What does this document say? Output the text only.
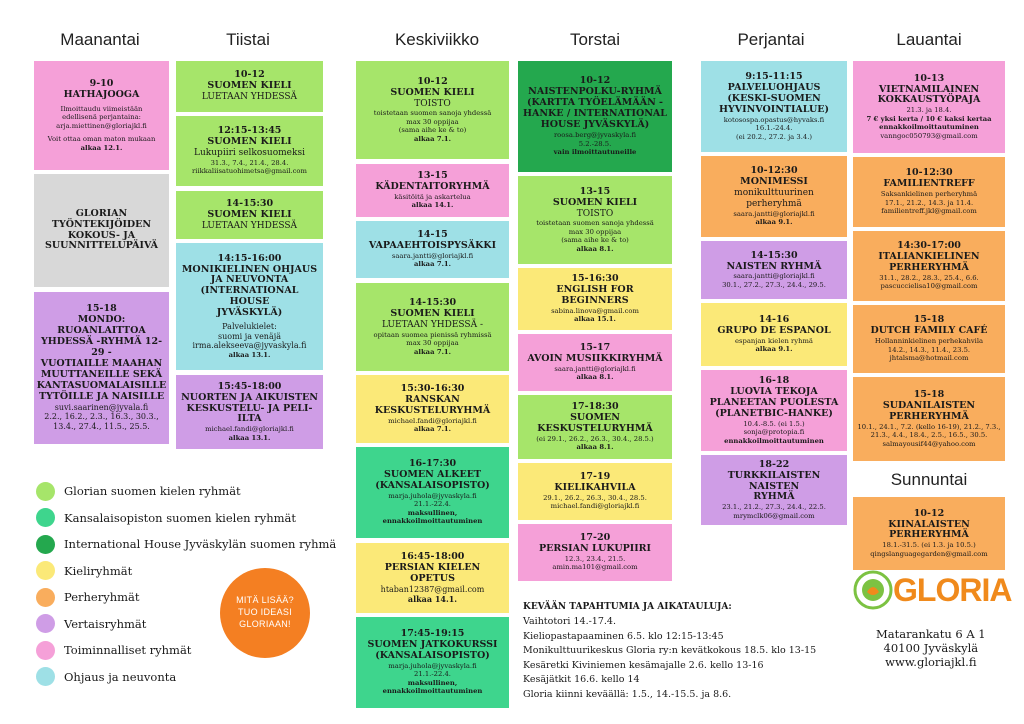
Maanantai	Tiistai	Keskiviikko	Torstai	Perjantai	Lauantai
Sunnuntai
9-10
HATHAJOOGA
Ilmoittaudu viimeistään
edellisenä perjantaina:
arja.miettinen@gloriajkl.fi
Voit ottaa oman maton mukaan
alkaa 12.1.
GLORIAN
TYÖNTEKIJÖIDEN
KOKOUS- JA
SUUNNITTELUPÄIVÄ
15-18
MONDO: RUOANLAITTOA
YHDESSÄ -RYHMÄ 12-29 -
VUOTIAILLE MAAHAN
MUUTTANEILLE SEKÄ
KANTASUOMALAISILLE
TYTÖILLE JA NAISILLE
suvi.saarinen@jyvala.fi
2.2., 16.2., 2.3., 16.3., 30.3.,
13.4., 27.4., 11.5., 25.5.
10-12
SUOMEN KIELI
LUETAAN YHDESSÄ
12:15-13:45
SUOMEN KIELI
Lukupiiri selkosuomeksi
31.3., 7.4., 21.4., 28.4.
riikkaliisatuohimetsa@gmail.com
14-15:30
SUOMEN KIELI
LUETAAN YHDESSÄ
14:15-16:00
MONIKIELINEN OHJAUS
JA NEUVONTA
(INTERNATIONAL HOUSE
JYVÄSKYLÄ)
Palvelukielet:
suomi ja venäjä
irma.alekseeva@jyvaskyla.fi
alkaa 13.1.
15:45-18:00
NUORTEN JA AIKUISTEN
KESKUSTELU- JA PELI-ILTA
michael.fandi@gloriajkl.fi
alkaa 13.1.
10-12
SUOMEN KIELI
TOISTO
toistetaan suomen sanoja yhdessä
max 30 oppijaa
(sama aihe ke & to)
alkaa 7.1.
13-15
KÄDENTAITORYHMÄ
käsitöitä ja askartelua
alkaa 14.1.
14-15
VAPAAEHTOISPYSÄKKI
saara.jantti@gloriajkl.fi
alkaa 7.1.
14-15:30
SUOMEN KIELI
LUETAAN YHDESSÄ -
opitaan suomea pienissä ryhmissä
max 30 oppijaa
alkaa 7.1.
15:30-16:30
RANSKAN
KESKUSTELURYHMÄ
michael.fandi@gloriajkl.fi
alkaa 7.1.
16-17:30
SUOMEN ALKEET
(KANSALAISOPISTO)
marja.juhola@jyvaskyla.fi
21.1.-22.4.
maksullinen,
ennakkoilmoittautuminen
16:45-18:00
PERSIAN KIELEN
OPETUS
htaban12387@gmail.com
alkaa 14.1.
17:45-19:15
SUOMEN JATKOKURSSI
(KANSALAISOPISTO)
marja.juhola@jyvaskyla.fi
21.1.-22.4.
maksullinen,
ennakkoilmoittautuminen
10-12
NAISTENPOLKU-RYHMÄ
(KARTTA TYÖELÄMÄÄN -
HANKE / INTERNATIONAL
HOUSE JYVÄSKYLÄ)
roosa.berg@jyvaskyla.fi
5.2.-28.5.
vain ilmoittautuneille
13-15
SUOMEN KIELI
TOISTO
toistetaan suomen sanoja yhdessä
max 30 oppijaa
(sama aihe ke & to)
alkaa 8.1.
15-16:30
ENGLISH FOR BEGINNERS
sabina.linova@gmail.com
alkaa 15.1.
15-17
AVOIN MUSIIKKIRYHMÄ
saara.jantti@gloriajkl.fi
alkaa 8.1.
17-18:30
SUOMEN
KESKUSTELURYHMÄ
(ei 29.1., 26.2., 26.3., 30.4., 28.5.)
alkaa 8.1.
17-19
KIELIKAHVILA
29.1., 26.2., 26.3., 30.4., 28.5.
michael.fandi@gloriajkl.fi
17-20
PERSIAN LUKUPIIRI
12.3., 23.4., 21.5.
amin.ma101@gmail.com
9:15-11:15
PALVELUOHJAUS
(KESKI-SUOMEN
HYVINVOINTIALUE)
kotosospa.opastus@hyvaks.fi
16.1.-24.4.
(ei 20.2., 27.2. ja 3.4.)
10-12:30
MONIMESSI
monikulttuurinen
perheryhmä
saara.jantti@gloriajkl.fi
alkaa 9.1.
14-15:30
NAISTEN RYHMÄ
saara.jantti@gloriajkl.fi
30.1., 27.2., 27.3., 24.4., 29.5.
14-16
GRUPO DE ESPANOL
espanjan kielen ryhmä
alkaa 9.1.
16-18
LUOVIA TEKOJA
PLANEETAN PUOLESTA
(PLANETBIC-HANKE)
10.4.-8.5. (ei 1.5.)
sonja@protopia.fi
ennakkoilmoittautuminen
18-22
TURKKILAISTEN NAISTEN
RYHMÄ
23.1., 21.2., 27.3., 24.4., 22.5.
mrymclk06@gmail.com
10-13
VIETNAMILAINEN
KOKKAUSTYÖPAJA
21.3. ja 18.4.
7 € yksi kerta / 10 € kaksi kertaa
ennakkoilmoittautuminen
vanngoc050793@gmail.com
10-12:30
FAMILIENTREFF
Saksankielinen perheryhmä
17.1., 21.2., 14.3. ja 11.4.
familientreff.jkl@gmail.com
14:30-17:00
ITALIANKIELINEN
PERHERYHMÄ
31.1., 28.2., 28.3., 25.4., 6.6.
pascuccielisa10@gmail.com
15-18
DUTCH FAMILY CAFÉ
Hollanninkielinen perhekahvila
14.2., 14.3., 11.4., 23.5.
jhtalsma@hotmail.com
15-18
SUDANILAISTEN
PERHERYHMÄ
10.1., 24.1., 7.2. (kello 16-19), 21.2., 7.3.,
21.3., 4.4., 18.4., 2.5., 16.5., 30.5.
salmayousif44@yahoo.com
10-12
KIINALAISTEN
PERHERYHMÄ
18.1.-31.5. (ei 1.3. ja 10.5.)
qingslanguagegarden@gmail.com
Glorian suomen kielen ryhmät
Kansalaisopiston suomen kielen ryhmät
International House Jyväskylän suomen ryhmä
Kieliryhmät
Perheryhmät
Vertaisryhmät
Toiminnalliset ryhmät
Ohjaus ja neuvonta
MITÄ LISÄÄ?
TUO IDEASI
GLORIAAN!
KEVÄÄN TAPAHTUMIA JA AIKATAULUJA:
Vaihtotori 14.-17.4.
Kieliopastapaaminen 6.5. klo 12:15-13:45
Monikulttuurikeskus Gloria ry:n kevätkokous 18.5. klo 13-15
Kesäretki Kiviniemen kesämajalle 2.6. kello 13-16
Kesäjätkit 16.6. kello 14
Gloria kiinni keväällä: 1.5., 14.-15.5. ja 8.6.
GLORIA
Matarankatu 6 A 1
40100 Jyväskylä
www.gloriajkl.fi
